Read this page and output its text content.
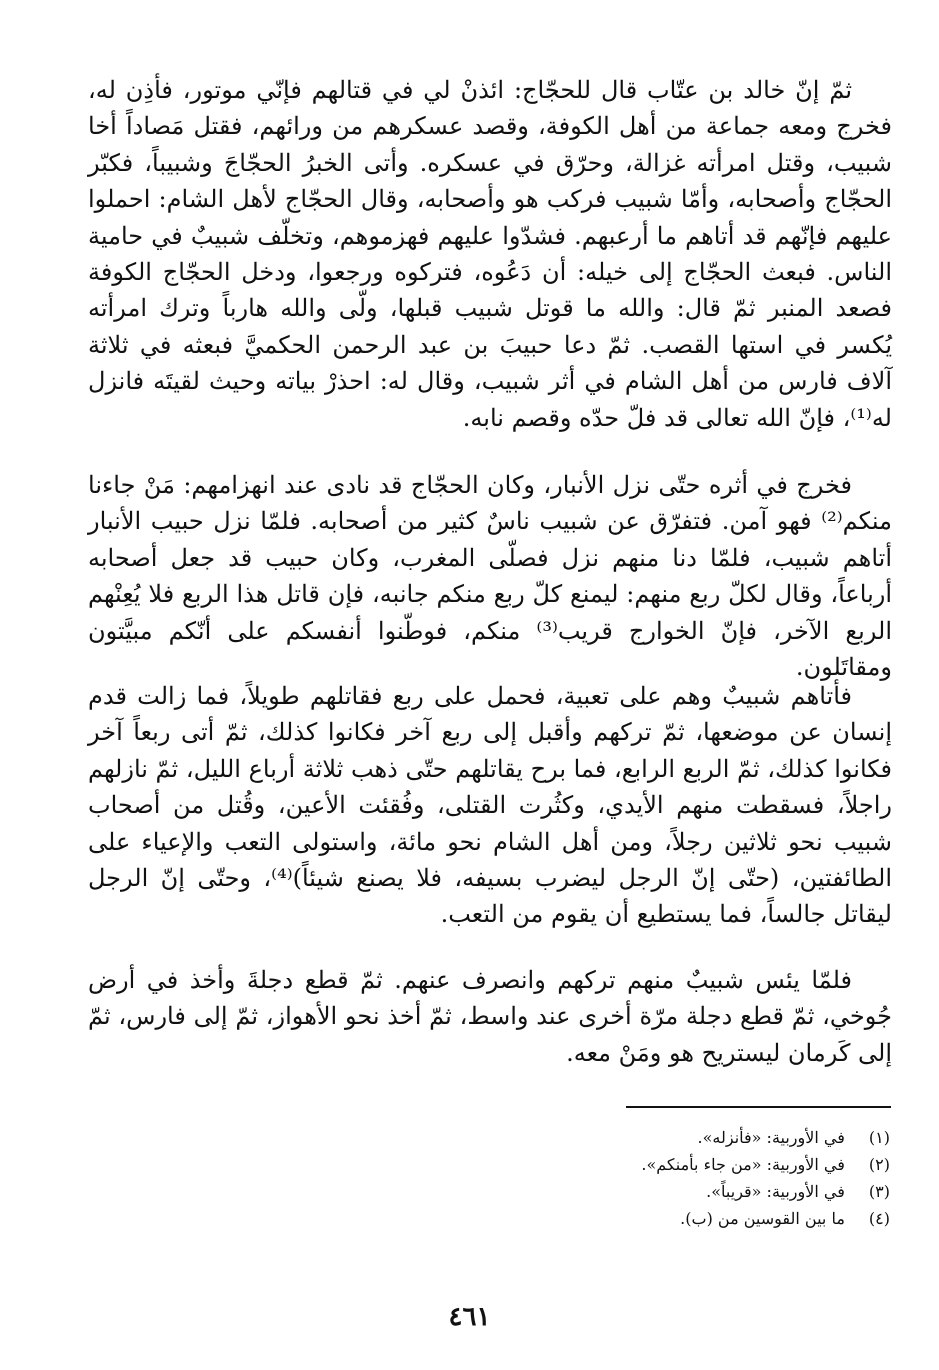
ثمّ إنّ خالد بن عتّاب قال للحجّاج: ائذنْ لي في قتالهم فإنّي موتور، فأذِن له، فخرج ومعه جماعة من أهل الكوفة، وقصد عسكرهم من ورائهم، فقتل مَصاداً أخا شبيب، وقتل امرأته غزالة، وحرّق في عسكره. وأتى الخبرُ الحجّاجَ وشبيباً، فكبّر الحجّاج وأصحابه، وأمّا شبيب فركب هو وأصحابه، وقال الحجّاج لأهل الشام: احملوا عليهم فإنّهم قد أتاهم ما أرعبهم. فشدّوا عليهم فهزموهم، وتخلّف شبيبٌ في حامية الناس. فبعث الحجّاج إلى خيله: أن دَعُوه، فتركوه ورجعوا، ودخل الحجّاج الكوفة فصعد المنبر ثمّ قال: والله ما قوتل شبيب قبلها، ولّى والله هارباً وترك امرأته يُكسر في استها القصب. ثمّ دعا حبيبَ بن عبد الرحمن الحكميَّ فبعثه في ثلاثة آلاف فارس من أهل الشام في أثر شبيب، وقال له: احذرْ بياته وحيث لقيتَه فانزل له⁽¹⁾، فإنّ الله تعالى قد فلّ حدّه وقصم نابه.

فخرج في أثره حتّى نزل الأنبار، وكان الحجّاج قد نادى عند انهزامهم: مَنْ جاءنا منكم⁽²⁾ فهو آمن. فتفرّق عن شبيب ناسٌ كثير من أصحابه. فلمّا نزل حبيب الأنبار أتاهم شبيب، فلمّا دنا منهم نزل فصلّى المغرب، وكان حبيب قد جعل أصحابه أرباعاً، وقال لكلّ ربع منهم: ليمنع كلّ ربع منكم جانبه، فإن قاتل هذا الربع فلا يُعِنْهم الربع الآخر، فإنّ الخوارج قريب⁽³⁾ منكم، فوطّنوا أنفسكم على أنّكم مبيَّتون ومقاتَلون.

فأتاهم شبيبٌ وهم على تعبية، فحمل على ربع فقاتلهم طويلاً، فما زالت قدم إنسان عن موضعها، ثمّ تركهم وأقبل إلى ربع آخر فكانوا كذلك، ثمّ أتى ربعاً آخر فكانوا كذلك، ثمّ الربع الرابع، فما برح يقاتلهم حتّى ذهب ثلاثة أرباع الليل، ثمّ نازلهم راجلاً، فسقطت منهم الأيدي، وكثُرت القتلى، وفُقئت الأعين، وقُتل من أصحاب شبيب نحو ثلاثين رجلاً، ومن أهل الشام نحو مائة، واستولى التعب والإعياء على الطائفتين، (حتّى إنّ الرجل ليضرب بسيفه، فلا يصنع شيئاً)⁽⁴⁾، وحتّى إنّ الرجل ليقاتل جالساً، فما يستطيع أن يقوم من التعب.

فلمّا يئس شبيبٌ منهم تركهم وانصرف عنهم. ثمّ قطع دجلةَ وأخذ في أرض جُوخي، ثمّ قطع دجلة مرّة أخرى عند واسط، ثمّ أخذ نحو الأهواز، ثمّ إلى فارس، ثمّ إلى كَرمان ليستريح هو ومَنْ معه.

(١) في الأوربية: «فأنزله».
(٢) في الأوربية: «من جاء بأمنكم».
(٣) في الأوربية: «قريباً».
(٤) ما بين القوسين من (ب).
٤٦١
